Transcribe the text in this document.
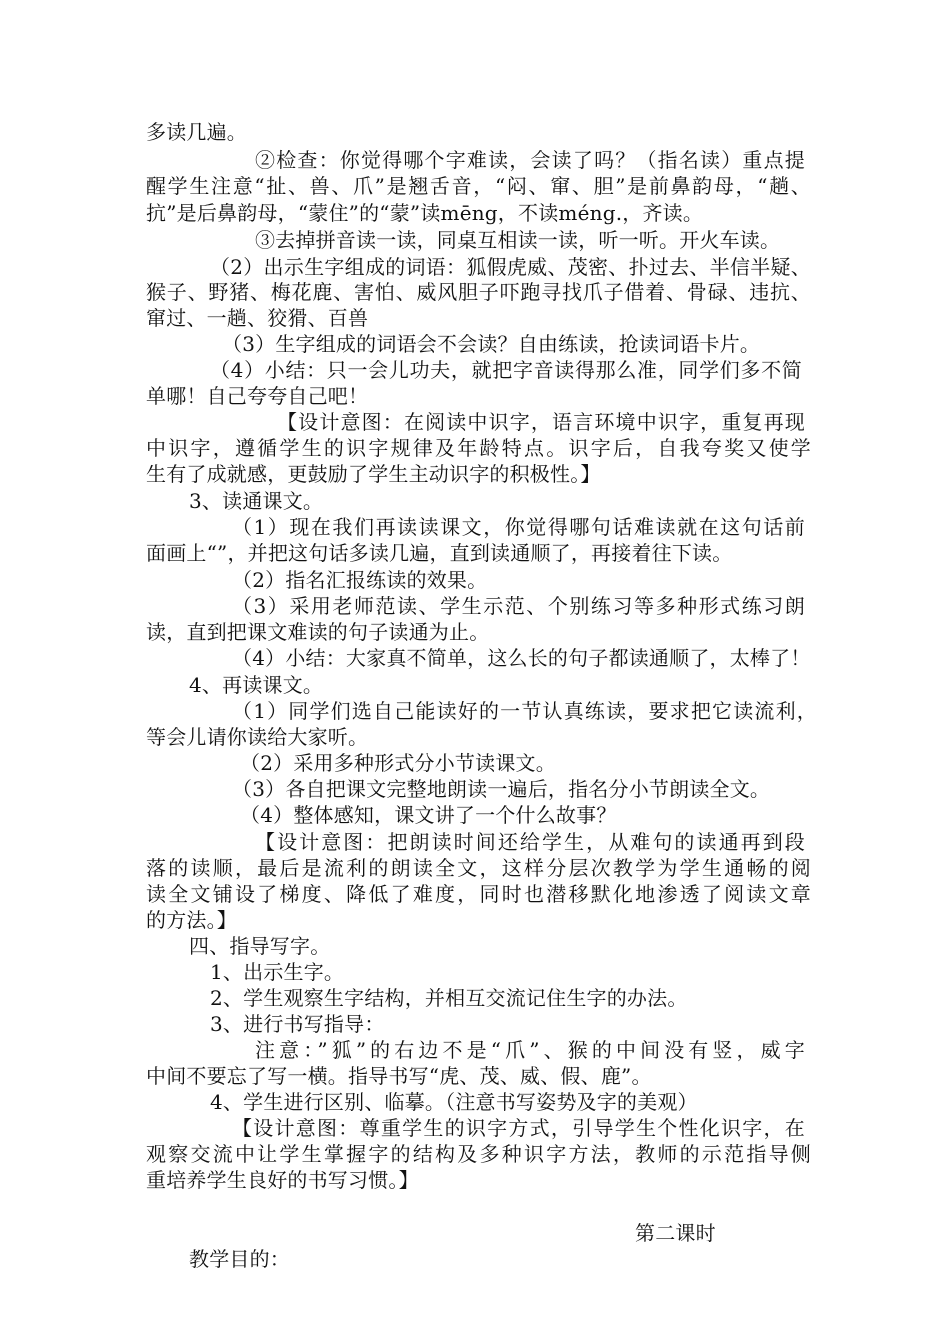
多读几遍。
②检查：你觉得哪个字难读，会读了吗？（指名读）重点提
醒学生注意“扯、兽、爪”是翘舌音，“闷、窜、胆”是前鼻韵母，“趟、
抗”是后鼻韵母，“蒙住”的“蒙”读mēng，不读méng.，齐读。
③去掉拼音读一读，同桌互相读一读，听一听。开火车读。
（2）出示生字组成的词语：狐假虎威、茂密、扑过去、半信半疑、
猴子、野猪、梅花鹿、害怕、威风胆子吓跑寻找爪子借着、骨碌、违抗、
窜过、一趟、狡猾、百兽
（3）生字组成的词语会不会读？自由练读，抢读词语卡片。
（4）小结：只一会儿功夫，就把字音读得那么准，同学们多不简
单哪！自己夸夸自己吧！
【设计意图：在阅读中识字，语言环境中识字，重复再现
中识字，遵循学生的识字规律及年龄特点。识字后，自我夸奖又使学
生有了成就感，更鼓励了学生主动识字的积极性。】
3、读通课文。
（1）现在我们再读读课文，你觉得哪句话难读就在这句话前
面画上“”，并把这句话多读几遍，直到读通顺了，再接着往下读。
（2）指名汇报练读的效果。
（3）采用老师范读、学生示范、个别练习等多种形式练习朗
读，直到把课文难读的句子读通为止。
（4）小结：大家真不简单，这么长的句子都读通顺了，太棒了！
4、再读课文。
（1）同学们选自己能读好的一节认真练读，要求把它读流利，
等会儿请你读给大家听。
（2）采用多种形式分小节读课文。
（3）各自把课文完整地朗读一遍后，指名分小节朗读全文。
（4）整体感知，课文讲了一个什么故事？
【设计意图：把朗读时间还给学生，从难句的读通再到段
落的读顺，最后是流利的朗读全文，这样分层次教学为学生通畅的阅
读全文铺设了梯度、降低了难度，同时也潜移默化地渗透了阅读文章
的方法。】
四、指导写字。
1、出示生字。
2、学生观察生字结构，并相互交流记住生字的办法。
3、进行书写指导：
注意：”狐”的右边不是“爪”、猴的中间没有竖，威字
中间不要忘了写一横。指导书写“虎、茂、威、假、鹿”。
4、学生进行区别、临摹。（注意书写姿势及字的美观）
【设计意图：尊重学生的识字方式，引导学生个性化识字，在
观察交流中让学生掌握字的结构及多种识字方法，教师的示范指导侧
重培养学生良好的书写习惯。】
第二课时
教学目的：
